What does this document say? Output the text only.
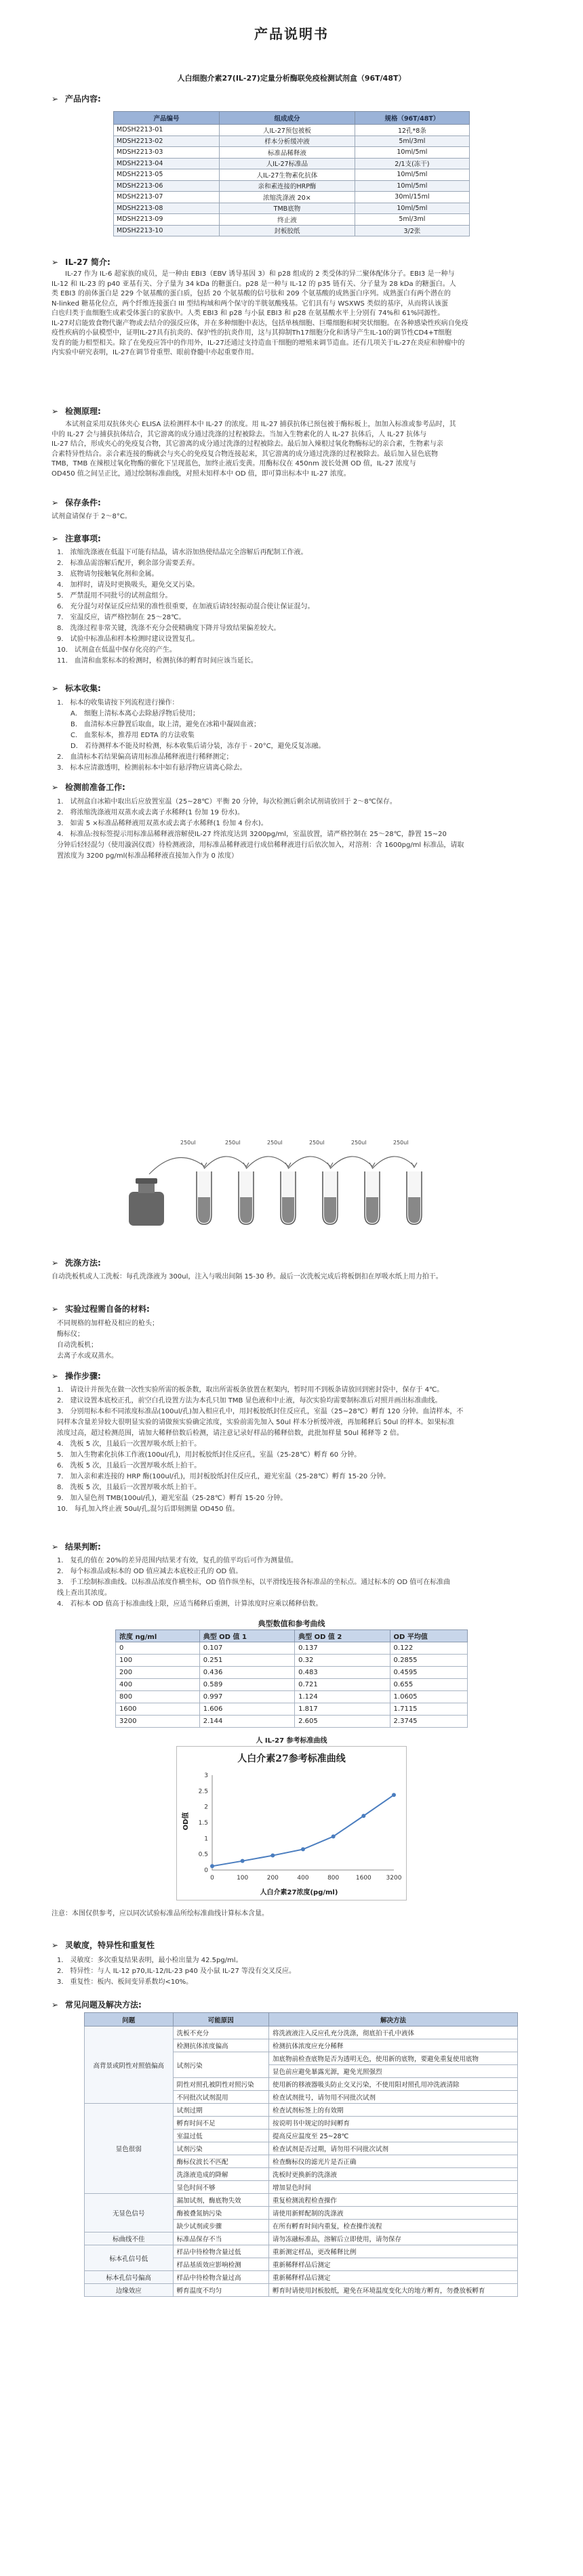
产品说明书
人白细胞介素27(IL-27)定量分析酶联免疫检测试剂盒（96T/48T）
➢ 产品内容:
产品编号	组成成分	规格（96T/48T）
MDSH2213-01	人IL-27预包被板	12孔*8条
MDSH2213-02	样本分析缓冲液	5ml/3ml
MDSH2213-03	标准品稀释液	10ml/5ml
MDSH2213-04	人IL-27标准品	2/1支(冻干)
MDSH2213-05	人IL-27生物素化抗体	10ml/5ml
MDSH2213-06	亲和素连接的HRP酶	10ml/5ml
MDSH2213-07	浓缩洗涤液 20×	30ml/15ml
MDSH2213-08	TMB底物	10ml/5ml
MDSH2213-09	终止液	5ml/3ml
MDSH2213-10	封板胶纸	3/2张
➢ IL-27 简介:
IL-27 作为 IL-6 超家族的成员，是一种由 EBI3（EBV 诱导基因 3）和 p28 组成的 2 类受体的异二聚体配体分子。EBI3 是一种与
IL-12 和 IL-23 的 p40 亚基有关、分子量为 34 kDa 的糖蛋白。p28 是一种与 IL-12 的 p35 链有关、分子量为 28 kDa 的糖蛋白。人
类 EBI3 的前体蛋白是 229 个氨基酸的蛋白质，包括 20 个氨基酸的信号肽和 209 个氨基酸的成熟蛋白序列。成熟蛋白有两个潜在的
N-linked 糖基化位点，两个纤维连接蛋白 III 型结构域和两个保守的半胱氨酸残基。它们具有与 WSXWS 类似的基序，从而将认该蛋
白也归类于血细胞生成素受体蛋白的家族中。人类 EBI3 和 p28 与小鼠 EBI3 和 p28 在氨基酸水平上分别有 74%和 61%同源性。
IL-27对启能致食物代谢产物或去结介的强反应体，并在多种细胞中表达，包括单核细胞、巨噬细胞和树突状细胞。在各种感染性疾病自免疫
疫性疾病的小鼠模型中，证明IL-27具有抗炎的、保护性的抗炎作用，这与其抑制Th17细胞分化和诱导产生IL-10的调节性CD4+T细胞
发育的能力相型相关。除了在免疫应答中的作用外，IL-27还通过支持造血干细胞的增殖来调节造血。还有几项关于IL-27在炎症和肿瘤中的
内实验中研究表明，IL-27在调节骨重塑、眼前脊髓中亦起重要作用。
➢ 检测原理:
本试剂盒采用双抗体夹心 ELISA 法检测样本中 IL-27 的浓度。用 IL-27 捕获抗体已预包被于酶标板上，加加入标准或参考品时，其
中的 IL-27 会与捕获抗体结合，其它游离的成分通过洗涤的过程被除去。当加入生物素化的人 IL-27 抗体后，人 IL-27 抗体与
IL-27 结合，形成夹心的免疫复合物，其它游离的成分通过洗涤的过程被除去。最后加入辣根过氧化物酶标记的亲合素，生物素与亲
合素特异性结合。亲合素连接的酶就会与夹心的免疫复合物连接起来，其它游离的成分通过洗涤的过程被除去。最后加入显色底物
TMB，TMB 在辣根过氧化物酶的催化下呈现蓝色，加终止液后变黄。用酶标仪在 450nm 波长处测 OD 值，IL-27 浓度与
OD450 值之间呈正比，通过绘制标准曲线，对照未知样本中 OD 值，即可算出标本中 IL-27 浓度。
➢ 保存条件:
试剂盒请保存于 2～8°C。
➢ 注意事项:
1． 浓缩洗涤液在低温下可能有结晶，请水浴加热使结晶完全溶解后再配制工作液。
2． 标准品需溶解后配开，剩余部分需要丢弃。
3． 底物请勿接触氧化剂和金属。
4． 加样时，请及时更换吸头，避免交叉污染。
5． 严禁混用不同批号的试剂盒组分。
6． 充分混匀对保证反应结果的准性很重要，在加液后请轻轻振动混合使让保证混匀。
7． 室温反应，请严格控制在 25～28℃。
8． 洗涤过程非常关键，洗涤不充分会使精确度下降并导致结果偏差较大。
9． 试验中标准品和样本检测时建议设置复孔。
10． 试剂盒在低温中保存化亮的产生。
11． 血清和血浆标本的检测时，检测抗体的孵育时间应该当延长。
➢ 标本收集:
1． 标本的收集请按下列流程进行操作：
A． 细胞上清标本离心去除悬浮物后使用；
B． 血清标本应静置后取血，取上清，避免在冰箱中凝固血液；
C． 血浆标本，推荐用 EDTA 的方法收集
D． 若待测样本不能及时检测，标本收集后请分装，冻存于 - 20°C，避免反复冻融。
2． 血清标本若结果偏高请用标准品稀释液进行稀释测定；
3． 标本应清澈透明，检测前标本中如有悬浮物应请离心除去。
➢ 检测前准备工作:
1． 试剂盒自冰箱中取出后应放置室温（25~28℃）平衡 20 分钟，每次检测后剩余试剂请放回于 2～8℃保存。
2． 将浓缩洗涤液用双蒸水或去离子水稀释(1 份加 19 份水)。
3． 如需 5 ×标准品稀释液用双蒸水或去离子水稀释(1 份加 4 份水)。
4． 标准品:按标签提示用标准品稀释液溶解使IL-27 终浓度达到 3200pg/ml，室温放置，请严格控制在 25～28℃，静置 15~20
分钟后轻轻混匀（使用漩涡仪震）待检测液涂，用标准品稀释液进行成倍稀释液进行后依次加入，对溶剂：含 1600pg/ml 标准品，请取
置浓度为 3200 pg/ml(标准品稀释液直接加入作为 0 浓度）
250ul	250ul	250ul	250ul	250ul	250ul
➢ 洗涤方法:
自动洗板机或人工洗板：每孔洗涤液为 300ul，注入与吸出间隔 15-30 秒。最后一次洗板完成后将板倒扣在厚吸水纸上用力拍干。
➢ 实验过程需自备的材料:
不同规格的加样枪及相应的枪头；
酶标仪；
自动洗板机；
去离子水或双蒸水。
➢ 操作步骤:
1． 请设计并预先在做一次性实验所需的板条数，取出所需板条放置在框架内，暂时用不到板条请放回到密封袋中，保存于 4℃。
2． 建议设置本底校正孔，前空白孔设置方法为本孔只加 TMB 显色液和中止液，每次实验均需要制标准后对照并画出标准曲线。
3． 分别用标本和不同浓度标准品(100ul/孔)加入相应孔中，用封板胶纸封住反应孔，室温（25~28℃）孵育 120 分钟。血清样本，不
同样本含量差异较大很明显实验的请做预实验确定浓度，实验前需先加入 50ul 样本分析缓冲液，再加稀释后 50ul 的样本。如果标准
浓度过高，超过检测范围，请加大稀释倍数后检测，请注意记录好样品的稀释倍数，此批加样量 50ul 稀释等 2 倍。
4． 洗板 5 次，且最后一次置厚吸水纸上拍干。
5． 加入生物素化抗体工作液(100ul/孔)，用封板胶纸封住反应孔，室温（25-28℃）孵育 60 分钟。
6． 洗板 5 次，且最后一次置厚吸水纸上拍干。
7． 加入亲和素连接的 HRP 酶(100ul/孔)，用封板胶纸封住反应孔，避光室温（25-28℃）孵育 15-20 分钟。
8． 洗板 5 次，且最后一次置厚吸水纸上拍干。
9． 加入显色剂 TMB(100ul/孔)，避光室温（25-28℃）孵育 15-20 分钟。
10． 每孔加入终止液 50ul/孔,混匀后即刻测量 OD450 值。
➢ 结果判断:
1． 复孔的值在 20%的差异范围内结果才有效，复孔的值平均后可作为测量值。
2． 每个标准品或标本的 OD 值应减去本底校正孔的 OD 值。
3． 手工绘制标准曲线。以标准品浓度作横坐标，OD 值作纵坐标，以平滑线连接各标准品的坐标点。通过标本的 OD 值可在标准曲
线上查出其浓度。
4． 若标本 OD 值高于标准曲线上限，应适当稀释后重测，计算浓度时应乘以稀释倍数。
典型数值和参考曲线
浓度 ng/ml	典型 OD 值 1	典型 OD 值 2	OD 平均值
0	0.107	0.137	0.122
100	0.251	0.32	0.2855
200	0.436	0.483	0.4595
400	0.589	0.721	0.655
800	0.997	1.124	1.0605
1600	1.606	1.817	1.7115
3200	2.144	2.605	2.3745
人 IL-27 参考标准曲线
人白介素27参考标准曲线
OD值
人白介素27浓度(pg/ml)
0
0.5
1
1.5
2
2.5
3
0	100	200	400	800	1600 3200
注意：本图仅供参考，应以同次试验标准品所绘标准曲线计算标本含量。
➢ 灵敏度，特异性和重复性
1． 灵敏度：多次重复结果表明，最小检出量为 42.5pg/ml。
2． 特异性：与人 IL-12 p70,IL-12/IL-23 p40 及小鼠 IL-27 等没有交叉反应。
3． 重复性：板内、板间变异系数均<10%。
➢ 常见问题及解决方法:
问题	可能原因	解决方法
高背景或阴性对照值偏高	洗板不充分	将洗液液注入反应孔充分洗涤，彻底拍干孔中液体
	检测抗体浓度偏高	检测抗体浓度应充分稀释
	试剂污染	加底物前检查底物是否为透明无色，使用新的底物，要避免重复使用底物
		显色前应避免暴露光源，避免光照强烈
	阴性对照孔被阴性对照污染	使用新的移液器吸头防止交叉污染，不使用阳对照孔用冲洗液清除
	不同批次试剂混用	检查试剂批号，请勿用不同批次试剂
显色很弱	试剂过期	检查试剂标签上的有效期
	孵育时间不足	按说明书中规定的时间孵育
	室温过低	提高反应温度至 25~28℃
	试剂污染	检查试剂是否过期，请勿用不同批次试剂
	酶标仪波长不匹配	检查酶标仪的滤光片是否正确
	洗涤液造成的降解	洗板时更换新的洗涤液
	显色时间不够	增加显色时间
无显色信号	漏加试剂，酶底物失效	重复检测流程检查操作
	酶被叠氮钠污染	请使用新鲜配制的洗涤液
	缺少试剂或步骤	在所有孵育时间内重复，检查操作流程
标曲线不佳	标准品保存不当	请勿冻融标准品，溶解后立即使用，请勿保存
标本孔信号低	样品中待检物含量过低	重新测定样品，更改稀释比例
	样品基质效应影响检测	重新稀释样品后测定
标本孔信号偏高	样品中待检物含量过高	重新稀释样品后测定
边缘效应	孵育温度不均匀	孵育时请使用封板胶纸，避免在环境温度变化大的地方孵育，勿叠放板孵育
